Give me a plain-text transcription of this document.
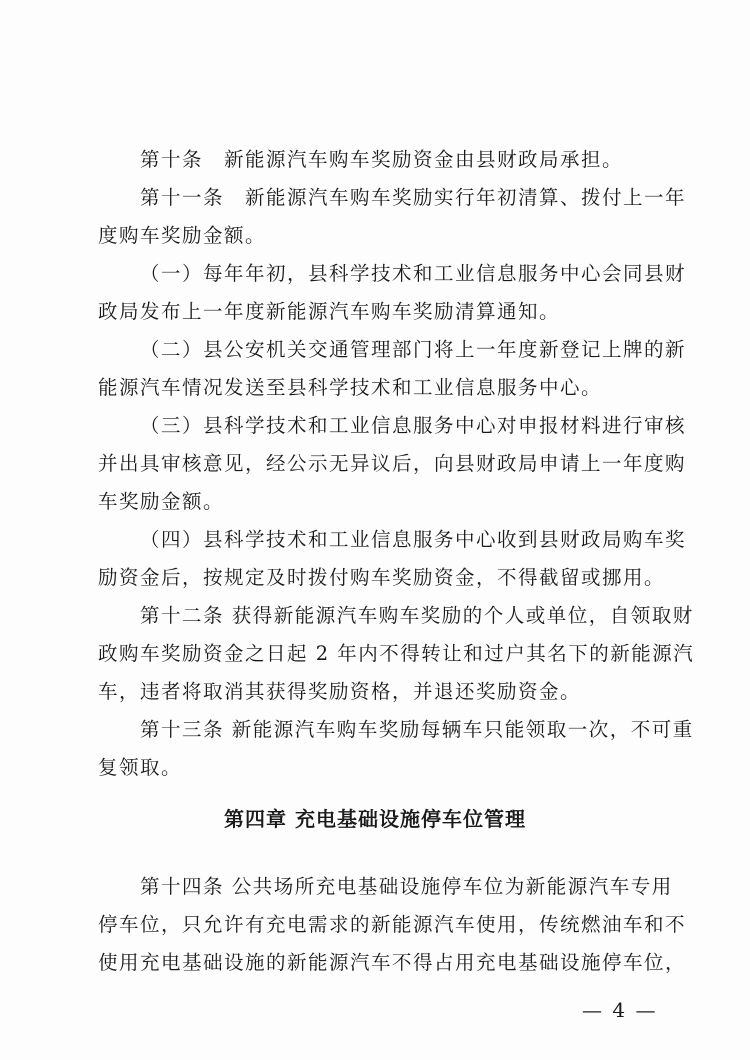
第十条　新能源汽车购车奖励资金由县财政局承担。
第十一条　新能源汽车购车奖励实行年初清算、拨付上一年
度购车奖励金额。
（一）每年年初，县科学技术和工业信息服务中心会同县财
政局发布上一年度新能源汽车购车奖励清算通知。
（二）县公安机关交通管理部门将上一年度新登记上牌的新
能源汽车情况发送至县科学技术和工业信息服务中心。
（三）县科学技术和工业信息服务中心对申报材料进行审核
并出具审核意见，经公示无异议后，向县财政局申请上一年度购
车奖励金额。
（四）县科学技术和工业信息服务中心收到县财政局购车奖
励资金后，按规定及时拨付购车奖励资金，不得截留或挪用。
第十二条 获得新能源汽车购车奖励的个人或单位，自领取财
政购车奖励资金之日起 2 年内不得转让和过户其名下的新能源汽
车，违者将取消其获得奖励资格，并退还奖励资金。
第十三条 新能源汽车购车奖励每辆车只能领取一次，不可重
复领取。
第四章 充电基础设施停车位管理
第十四条 公共场所充电基础设施停车位为新能源汽车专用
停车位，只允许有充电需求的新能源汽车使用，传统燃油车和不
使用充电基础设施的新能源汽车不得占用充电基础设施停车位，
— 4 —
